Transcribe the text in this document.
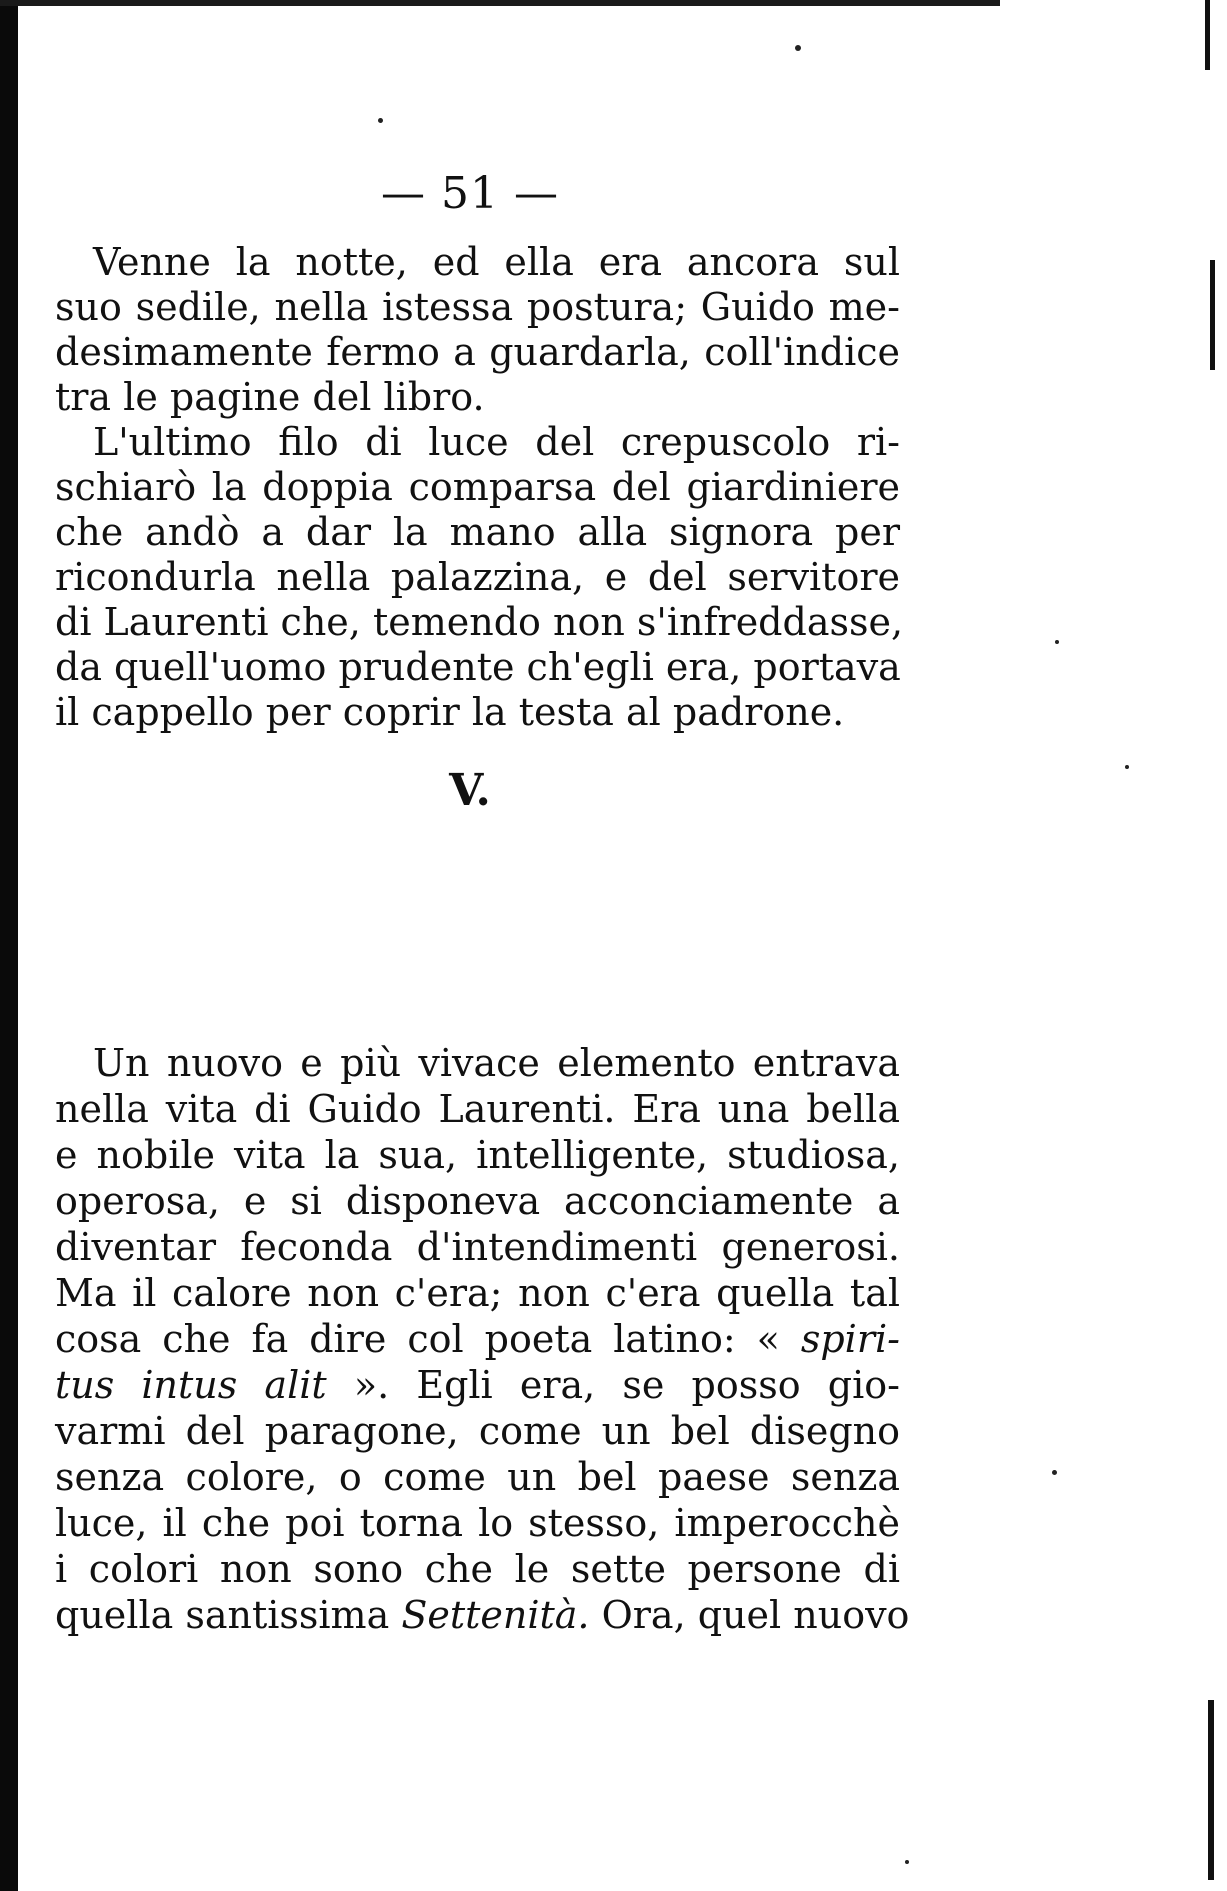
— 51 —
Venne la notte, ed ella era ancora sul
suo sedile, nella istessa postura; Guido me-
desimamente fermo a guardarla, coll'indice
tra le pagine del libro.
L'ultimo filo di luce del crepuscolo ri-
schiarò la doppia comparsa del giardiniere
che andò a dar la mano alla signora per
ricondurla nella palazzina, e del servitore
di Laurenti che, temendo non s'infreddasse,
da quell'uomo prudente ch'egli era, portava
il cappello per coprir la testa al padrone.
V.
Un nuovo e più vivace elemento entrava
nella vita di Guido Laurenti. Era una bella
e nobile vita la sua, intelligente, studiosa,
operosa, e si disponeva acconciamente a
diventar feconda d'intendimenti generosi.
Ma il calore non c'era; non c'era quella tal
cosa che fa dire col poeta latino: « spiri-
tus intus alit ». Egli era, se posso gio-
varmi del paragone, come un bel disegno
senza colore, o come un bel paese senza
luce, il che poi torna lo stesso, imperocchè
i colori non sono che le sette persone di
quella santissima Settenità. Ora, quel nuovo
